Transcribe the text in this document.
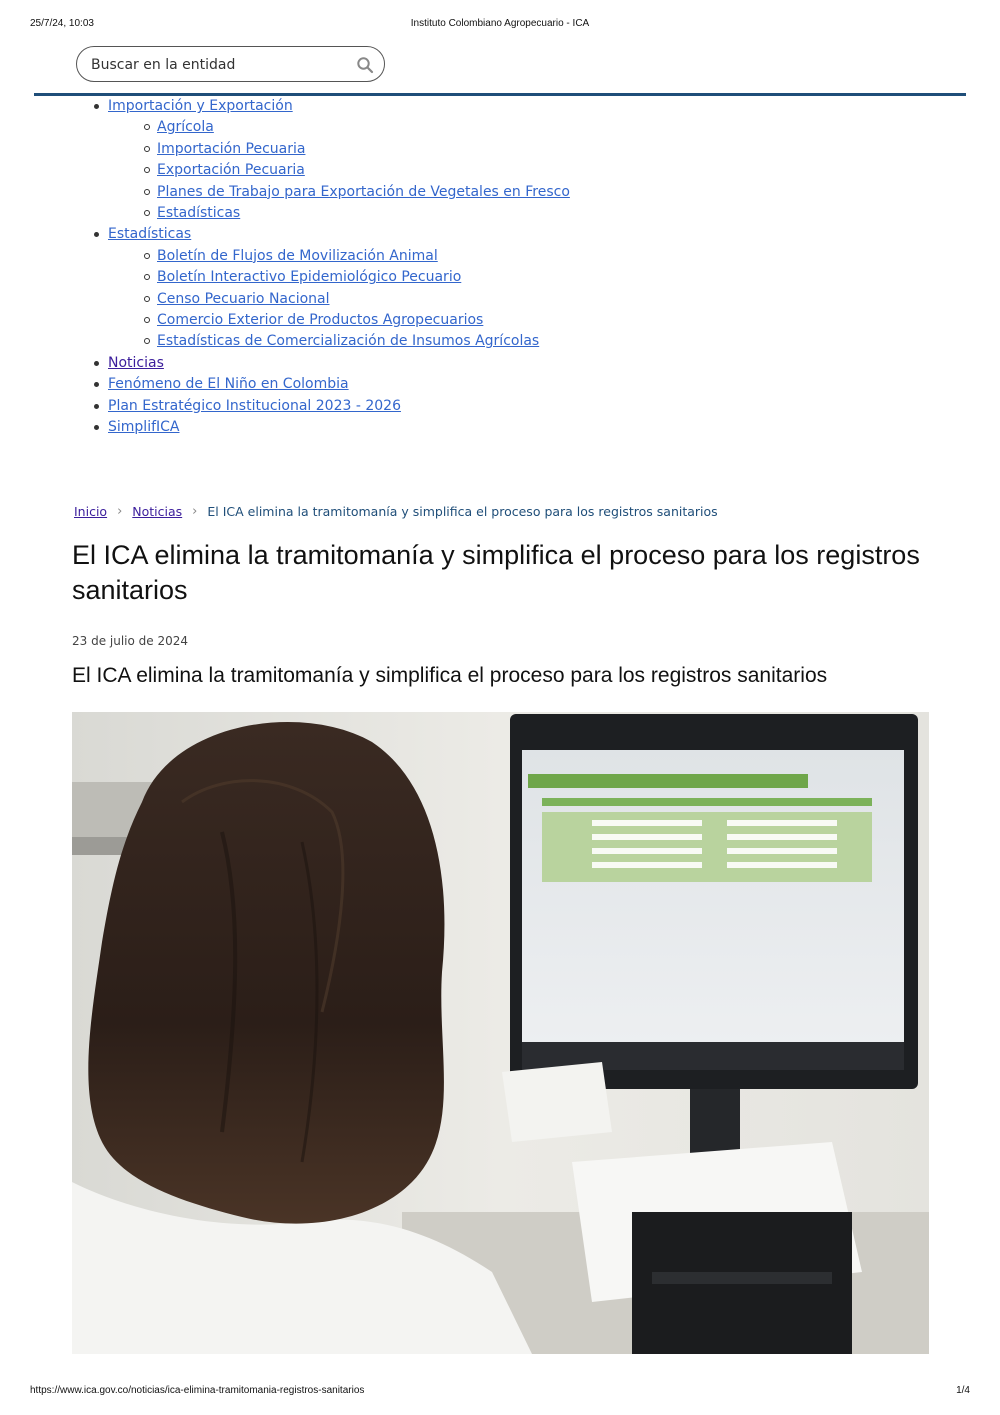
25/7/24, 10:03	Instituto Colombiano Agropecuario - ICA
Buscar en la entidad
Importación y Exportación
Agrícola
Importación Pecuaria
Exportación Pecuaria
Planes de Trabajo para Exportación de Vegetales en Fresco
Estadísticas
Estadísticas
Boletín de Flujos de Movilización Animal
Boletín Interactivo Epidemiológico Pecuario
Censo Pecuario Nacional
Comercio Exterior de Productos Agropecuarios
Estadísticas de Comercialización de Insumos Agrícolas
Noticias
Fenómeno de El Niño en Colombia
Plan Estratégico Institucional 2023 - 2026
SimplifICA
Inicio › Noticias › El ICA elimina la tramitomanía y simplifica el proceso para los registros sanitarios
El ICA elimina la tramitomanía y simplifica el proceso para los registros sanitarios
23 de julio de 2024
El ICA elimina la tramitomanía y simplifica el proceso para los registros sanitarios
https://www.ica.gov.co/noticias/ica-elimina-tramitomania-registros-sanitarios	1/4
